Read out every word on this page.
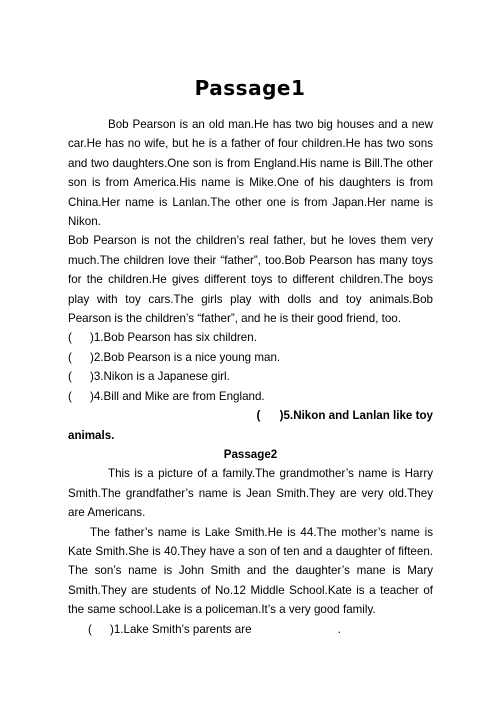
Passage1

Bob Pearson is an old man.He has two big houses and a new car.He has no wife, but he is a father of four children.He has two sons and two daughters.One son is from England.His name is Bill.The other son is from America.His name is Mike.One of his daughters is from China.Her name is Lanlan.The other one is from Japan.Her name is Nikon.

Bob Pearson is not the children’s real father, but he loves them very much.The children love their “father”, too.Bob Pearson has many toys for the children.He gives different toys to different children.The boys play with toy cars.The girls play with dolls and toy animals.Bob Pearson is the children’s “father”, and he is their good friend, too.

( )1.Bob Pearson has six children.
( )2.Bob Pearson is a nice young man.
( )3.Nikon is a Japanese girl.
( )4.Bill and Mike are from England.
(      )5.Nikon and Lanlan like toy
animals.
Passage2

This is a picture of a family.The grandmother’s name is Harry Smith.The grandfather’s name is Jean Smith.They are very old.They are Americans.

The father’s name is Lake Smith.He is 44.The mother’s name is Kate Smith.She is 40.They have a son of ten and a daughter of fifteen. The son’s name is John Smith and the daughter’s mane is Mary Smith.They are students of No.12 Middle School.Kate is a teacher of the same school.Lake is a policeman.It’s a very good family.

( )1.Lake Smith’s parents are	.
